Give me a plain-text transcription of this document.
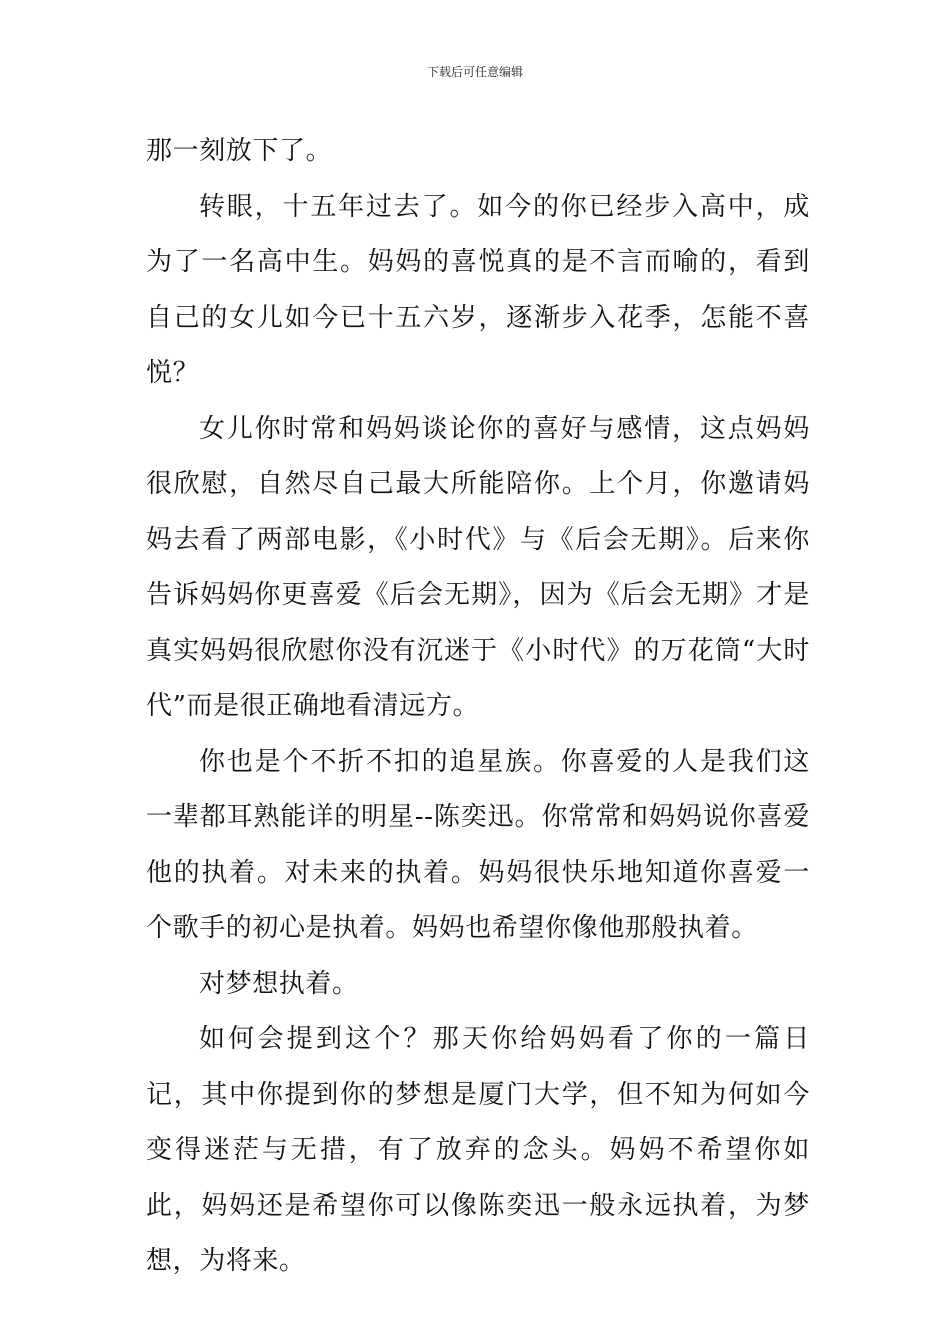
下载后可任意编辑

那一刻放下了。

转眼，十五年过去了。如今的你已经步入高中，成为了一名高中生。妈妈的喜悦真的是不言而喻的，看到自己的女儿如今已十五六岁，逐渐步入花季，怎能不喜悦？

女儿你时常和妈妈谈论你的喜好与感情，这点妈妈很欣慰，自然尽自己最大所能陪你。上个月，你邀请妈妈去看了两部电影，《小时代》与《后会无期》。后来你告诉妈妈你更喜爱《后会无期》，因为《后会无期》才是真实妈妈很欣慰你没有沉迷于《小时代》的万花筒“大时代”而是很正确地看清远方。

你也是个不折不扣的追星族。你喜爱的人是我们这一辈都耳熟能详的明星--陈奕迅。你常常和妈妈说你喜爱他的执着。对未来的执着。妈妈很快乐地知道你喜爱一个歌手的初心是执着。妈妈也希望你像他那般执着。

对梦想执着。

如何会提到这个？那天你给妈妈看了你的一篇日记，其中你提到你的梦想是厦门大学，但不知为何如今变得迷茫与无措，有了放弃的念头。妈妈不希望你如此，妈妈还是希望你可以像陈奕迅一般永远执着，为梦想，为将来。
